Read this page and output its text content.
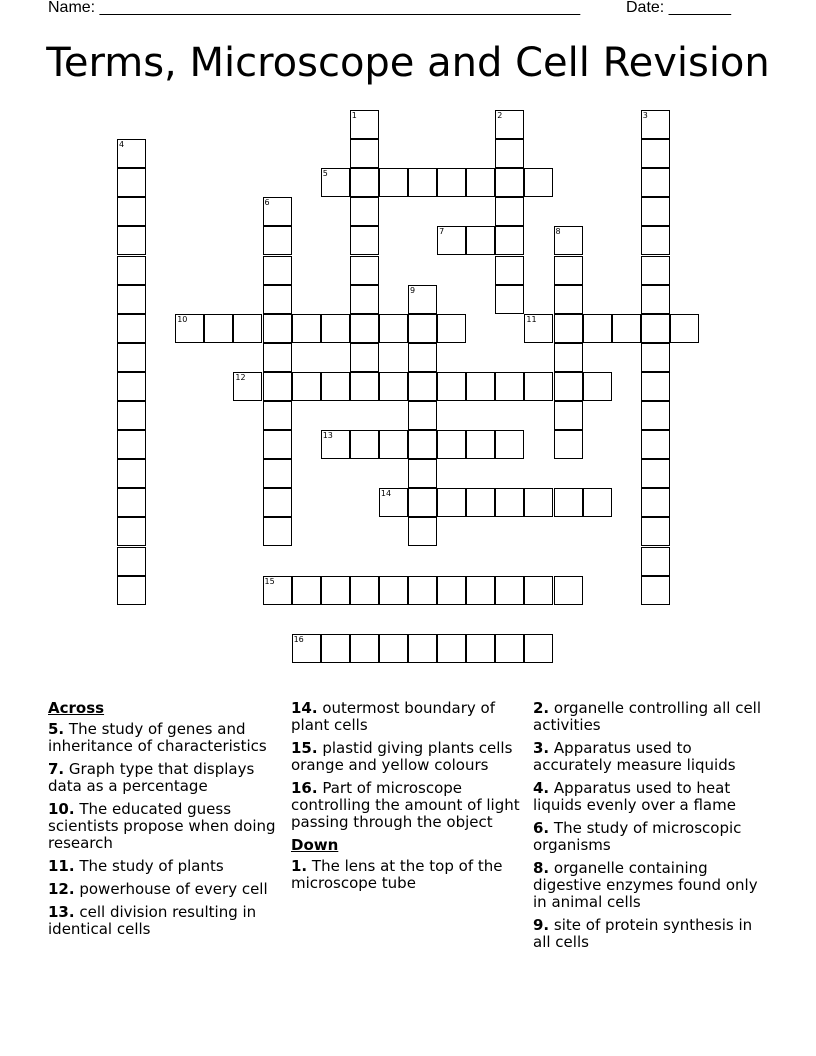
Name: ______________________________________________________	Date: _______
Terms, Microscope and Cell Revision
1	2	3
4
5
6
7	8
9
10	11
12
13
14
15
16
Across
5. The study of genes and inheritance of characteristics
7. Graph type that displays data as a percentage
10. The educated guess scientists propose when doing research
11. The study of plants
12. powerhouse of every cell
13. cell division resulting in identical cells
14. outermost boundary of plant cells
15. plastid giving plants cells orange and yellow colours
16. Part of microscope controlling the amount of light passing through the object
Down
1. The lens at the top of the microscope tube
2. organelle controlling all cell activities
3. Apparatus used to accurately measure liquids
4. Apparatus used to heat liquids evenly over a flame
6. The study of microscopic organisms
8. organelle containing digestive enzymes found only in animal cells
9. site of protein synthesis in all cells
